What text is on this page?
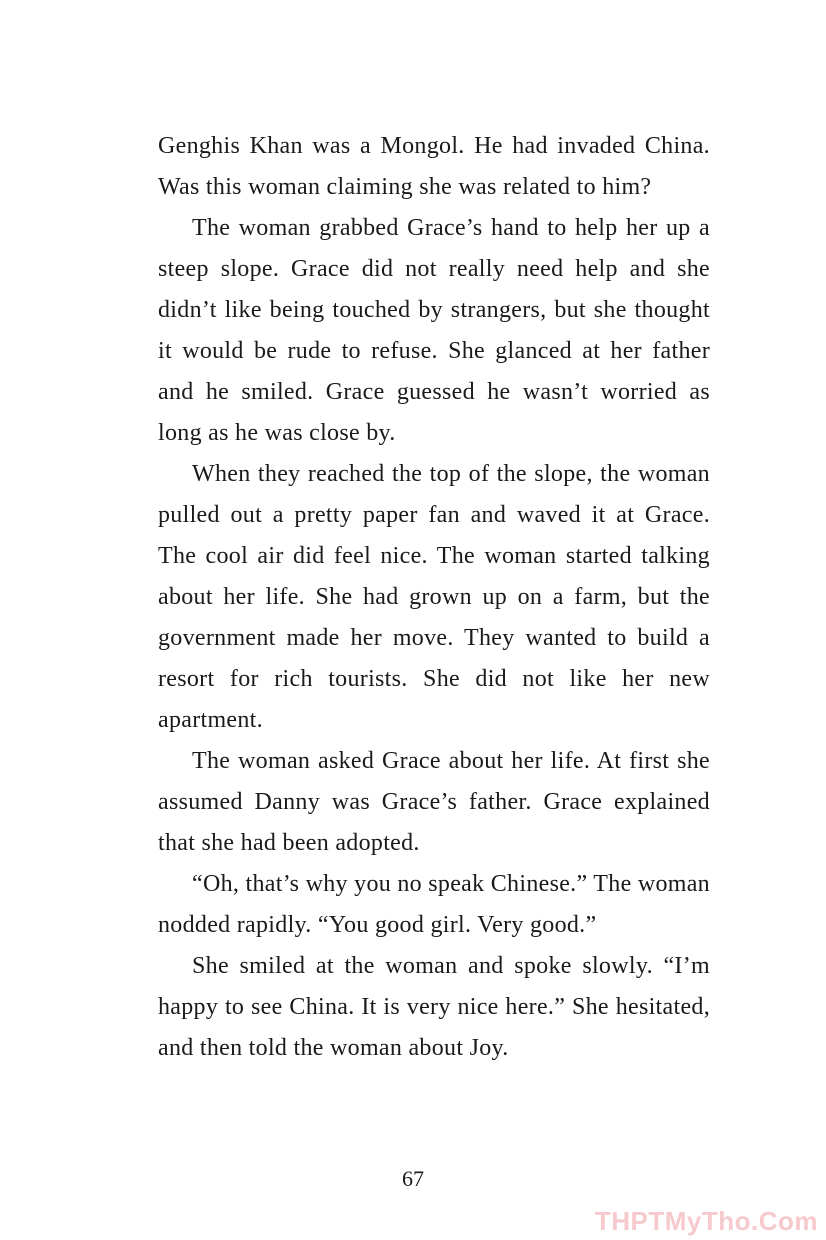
Genghis Khan was a Mongol. He had invaded China. Was this woman claiming she was related to him?

The woman grabbed Grace’s hand to help her up a steep slope. Grace did not really need help and she didn’t like being touched by strangers, but she thought it would be rude to refuse. She glanced at her father and he smiled. Grace guessed he wasn’t worried as long as he was close by.

When they reached the top of the slope, the woman pulled out a pretty paper fan and waved it at Grace. The cool air did feel nice. The woman started talking about her life. She had grown up on a farm, but the government made her move. They wanted to build a resort for rich tourists. She did not like her new apartment.

The woman asked Grace about her life. At first she assumed Danny was Grace’s father. Grace explained that she had been adopted.

“Oh, that’s why you no speak Chinese.” The woman nodded rapidly. “You good girl. Very good.”

She smiled at the woman and spoke slowly. “I’m happy to see China. It is very nice here.” She hesitated, and then told the woman about Joy.

67
THPTMyTho.Com
